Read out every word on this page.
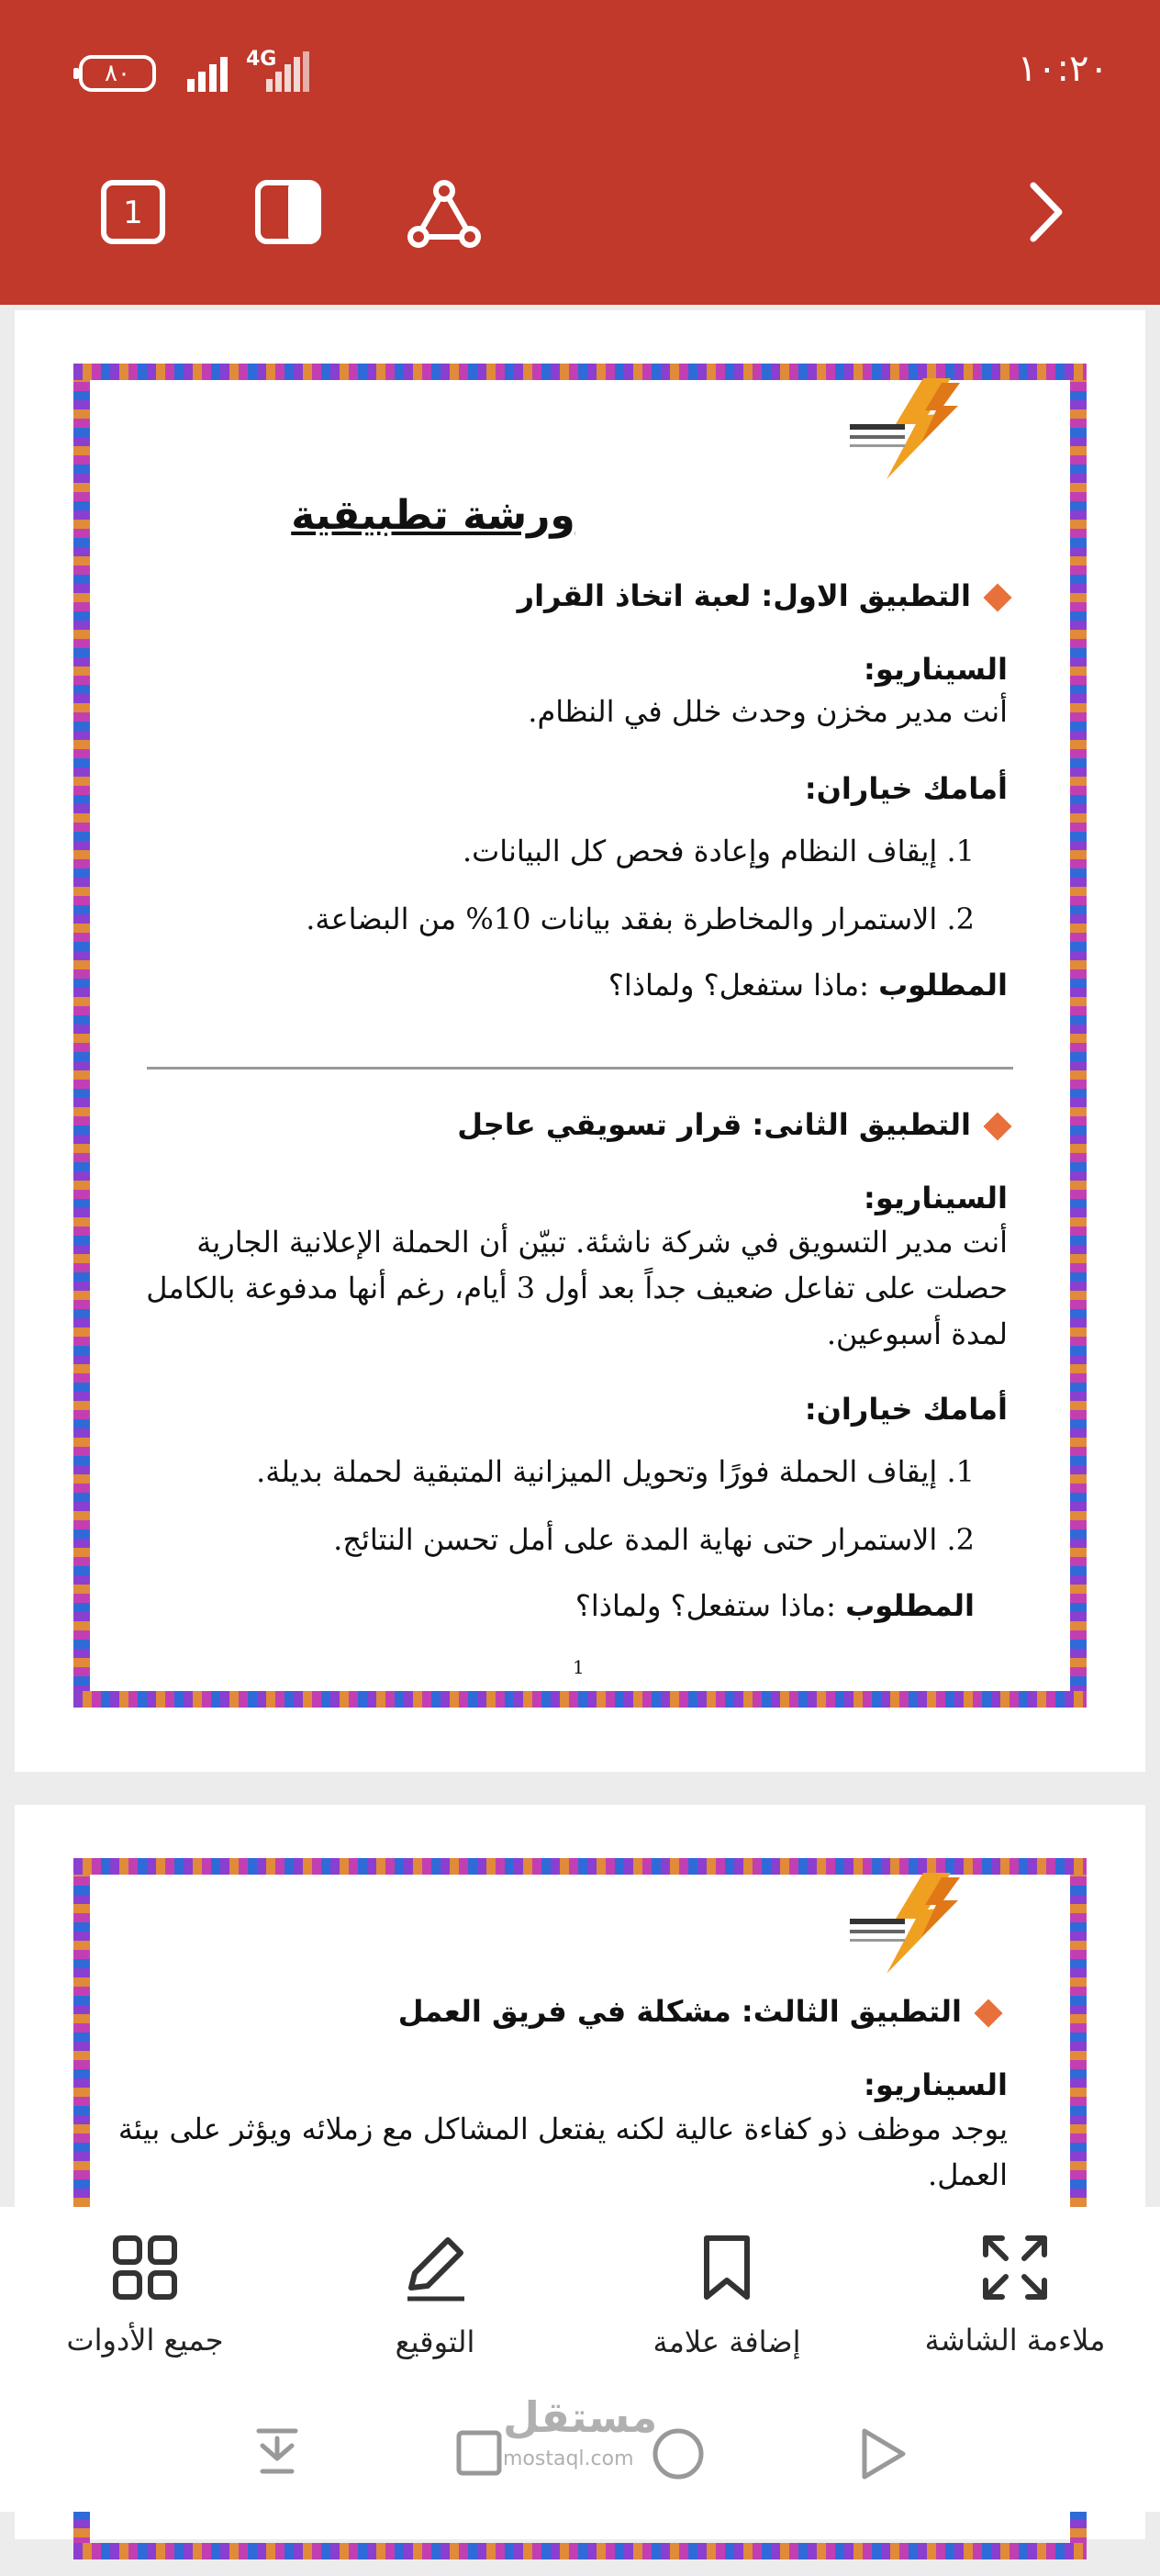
٨٠
4G	١٠:٢٠
1
ورشة تطبيقية
التطبيق الاول: لعبة اتخاذ القرار
السيناريو:
أنت مدير مخزن وحدث خلل في النظام.
أمامك خياران:
1. إيقاف النظام وإعادة فحص كل البيانات.
2. الاستمرار والمخاطرة بفقد بيانات 10% من البضاعة.
المطلوب :ماذا ستفعل؟ ولماذا؟
التطبيق الثانى: قرار تسويقي عاجل
السيناريو:
أنت مدير التسويق في شركة ناشئة. تبيّن أن الحملة الإعلانية الجارية
حصلت على تفاعل ضعيف جداً بعد أول 3 أيام، رغم أنها مدفوعة بالكامل
لمدة أسبوعين.
أمامك خياران:
1. إيقاف الحملة فورًا وتحويل الميزانية المتبقية لحملة بديلة.
2. الاستمرار حتى نهاية المدة على أمل تحسن النتائج.
المطلوب :ماذا ستفعل؟ ولماذا؟
1
التطبيق الثالث: مشكلة في فريق العمل
السيناريو:
يوجد موظف ذو كفاءة عالية لكنه يفتعل المشاكل مع زملائه ويؤثر على بيئة
العمل.
ملاءمة الشاشة
إضافة علامة
التوقيع
جميع الأدوات
مستقل
mostaql.com
